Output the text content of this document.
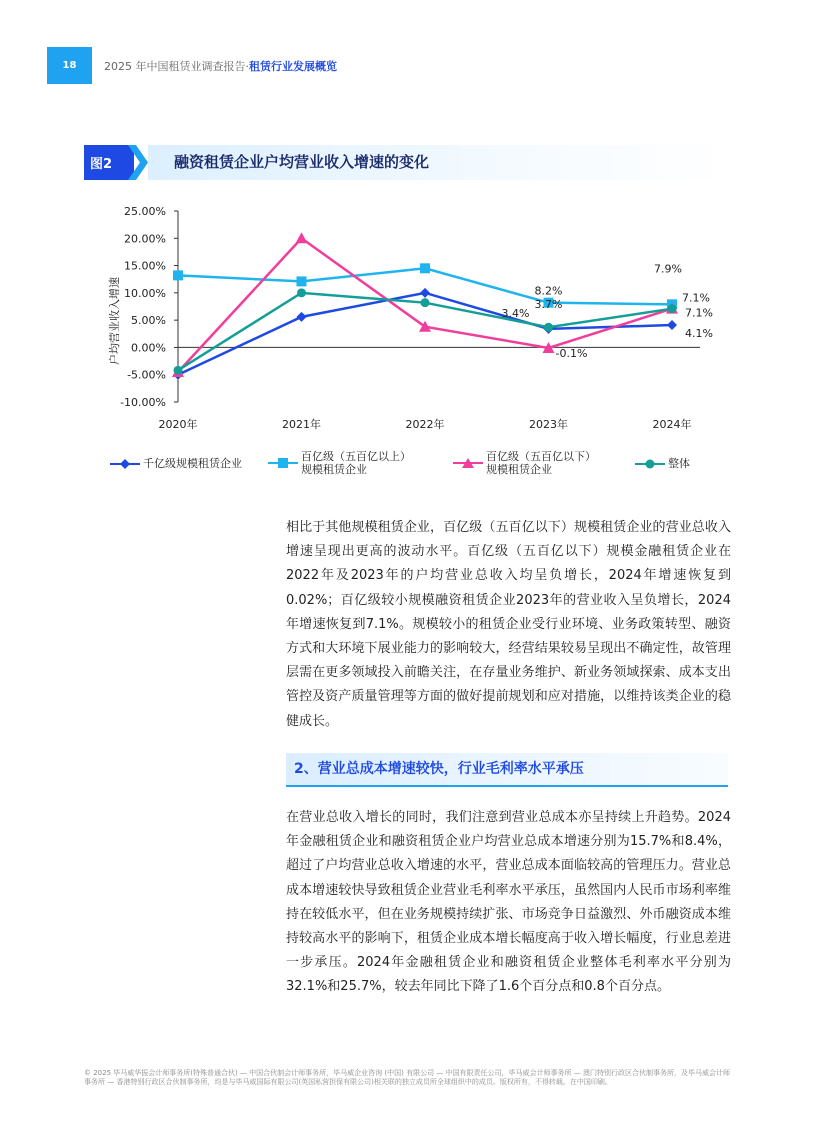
18	2025 年中国租赁业调查报告·租赁行业发展概览
图2	融资租赁企业户均营业收入增速的变化
户均营业收入增速
-10.00%
-5.00%
0.00%
5.00%
10.00%
15.00%
20.00%
25.00%
2020年	2021年	2022年	2023年	2024年
8.2%
7.9%
3.7%
3.4%
-0.1%
7.1%
7.1%
4.1%
千亿级规模租赁企业
百亿级（五百亿以上）
规模租赁企业
百亿级（五百亿以下）
规模租赁企业	整体

相比于其他规模租赁企业，百亿级（五百亿以下）规模租赁企业的营业总收入增速呈现出更高的波动水平。百亿级（五百亿以下）规模金融租赁企业在2022年及2023年的户均营业总收入均呈负增长，2024年增速恢复到0.02%；百亿级较小规模融资租赁企业2023年的营业收入呈负增长，2024年增速恢复到7.1%。规模较小的租赁企业受行业环境、业务政策转型、融资方式和大环境下展业能力的影响较大，经营结果较易呈现出不确定性，故管理层需在更多领域投入前瞻关注，在存量业务维护、新业务领域探索、成本支出管控及资产质量管理等方面的做好提前规划和应对措施，以维持该类企业的稳健成长。

2、营业总成本增速较快，行业毛利率水平承压

在营业总收入增长的同时，我们注意到营业总成本亦呈持续上升趋势。2024年金融租赁企业和融资租赁企业户均营业总成本增速分别为15.7%和8.4%，超过了户均营业总收入增速的水平，营业总成本面临较高的管理压力。营业总成本增速较快导致租赁企业营业毛利率水平承压，虽然国内人民币市场利率维持在较低水平，但在业务规模持续扩张、市场竞争日益激烈、外币融资成本维持较高水平的影响下，租赁企业成本增长幅度高于收入增长幅度，行业息差进一步承压。2024年金融租赁企业和融资租赁企业整体毛利率水平分别为32.1%和25.7%，较去年同比下降了1.6个百分点和0.8个百分点。

© 2025 毕马威华振会计师事务所(特殊普通合伙) — 中国合伙制会计师事务所，毕马威企业咨询 (中国) 有限公司 — 中国有限责任公司，毕马威会计师事务所 — 澳门特别行政区合伙制事务所，及毕马威会计师事务所 — 香港特别行政区合伙制事务所，均是与毕马威国际有限公司(英国私营担保有限公司)相关联的独立成员所全球组织中的成员。版权所有，不得转载。在中国印刷。
